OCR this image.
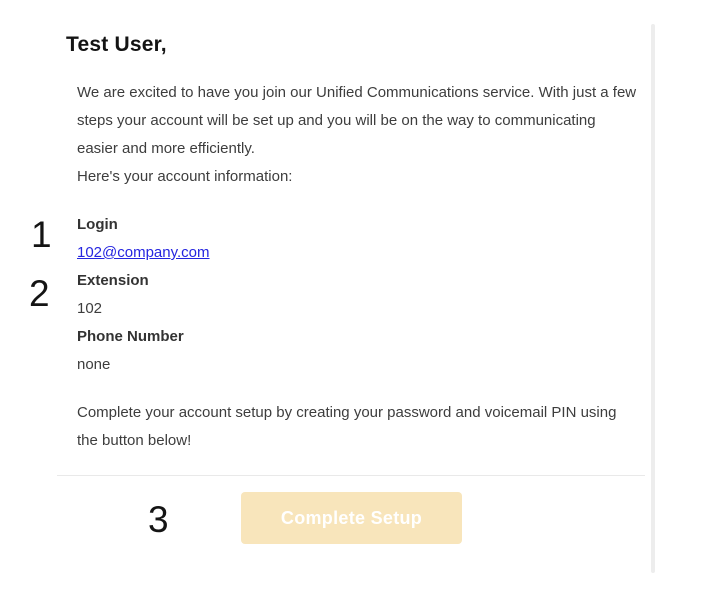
Test User,
We are excited to have you join our Unified Communications service. With just a few
steps your account will be set up and you will be on the way to communicating
easier and more efficiently.
Here's your account information:
Login
102@company.com
Extension
102
Phone Number
none
Complete your account setup by creating your password and voicemail PIN using
the button below!
Complete Setup
1
2
3
